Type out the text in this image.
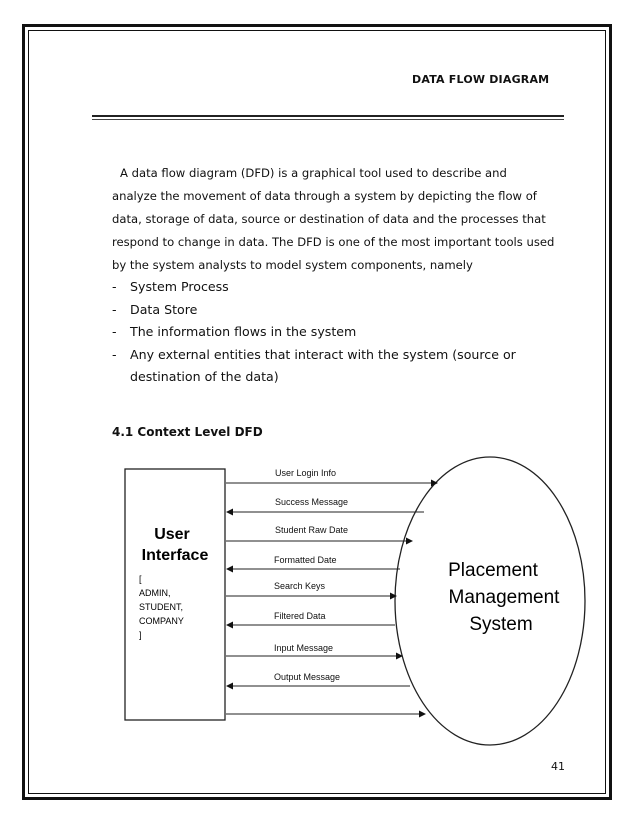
DATA FLOW DIAGRAM
A data flow diagram (DFD) is a graphical tool used to describe and
analyze the movement of data through a system by depicting the flow of
data, storage of data, source or destination of data and the processes that
respond to change in data. The DFD is one of the most important tools used
by the system analysts to model system components, namely
- System Process
- Data Store
- The information flows in the system
- Any external entities that interact with the system (source or destination of the data)
4.1 Context Level DFD
User
Interface
[
ADMIN,
STUDENT,
COMPANY
]
Placement
Management
System
User Login Info
Success Message
Student Raw Date
Formatted Date
Search Keys
Filtered Data
Input Message
Output Message
41
